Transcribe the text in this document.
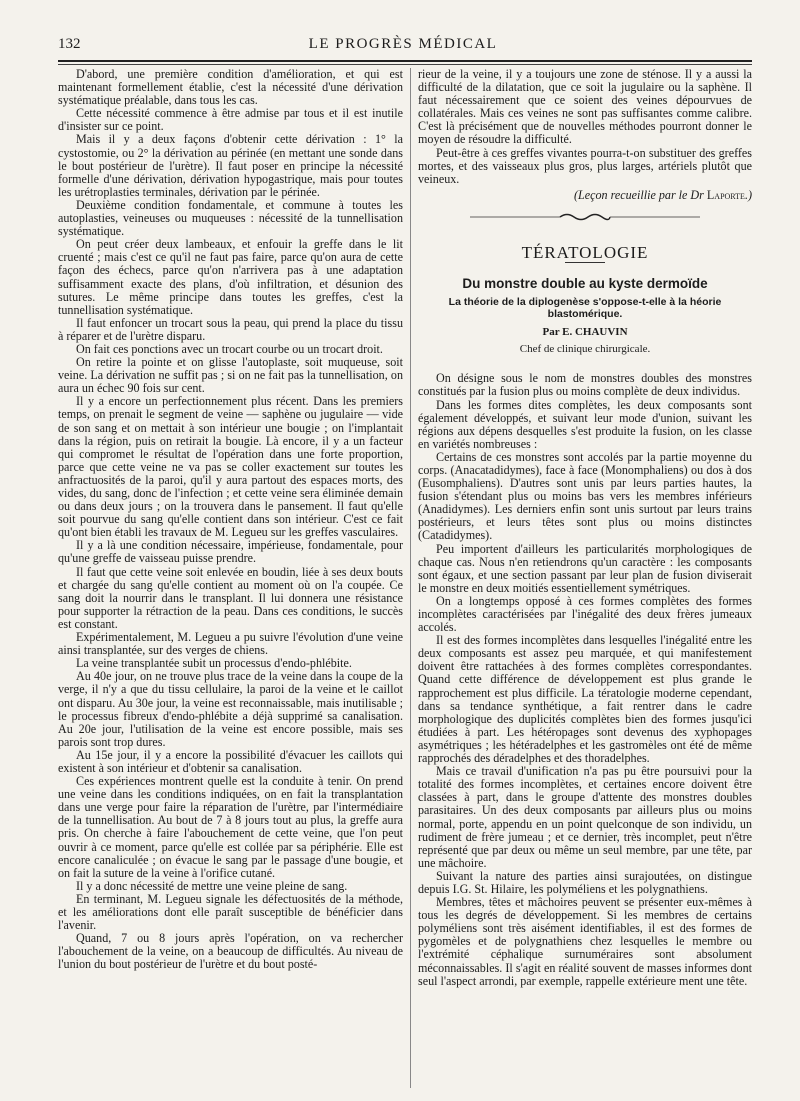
132	LE PROGRÈS MÉDICAL

D'abord, une première condition d'amélioration, et qui est maintenant formellement établie, c'est la nécessité d'une dérivation systématique préalable, dans tous les cas.

Cette nécessité commence à être admise par tous et il est inutile d'insister sur ce point.

Mais il y a deux façons d'obtenir cette dérivation : 1° la cystostomie, ou 2° la dérivation au périnée (en mettant une sonde dans le bout postérieur de l'urètre). Il faut poser en principe la nécessité formelle d'une dérivation, dérivation hypogastrique, mais pour toutes les urétroplasties terminales, dérivation par le périnée.

Deuxième condition fondamentale, et commune à toutes les autoplasties, veineuses ou muqueuses : nécessité de la tunnellisation systématique.

On peut créer deux lambeaux, et enfouir la greffe dans le lit cruenté ; mais c'est ce qu'il ne faut pas faire, parce qu'on aura de cette façon des échecs, parce qu'on n'arrivera pas à une adaptation suffisamment exacte des plans, d'où infiltration, et désunion des sutures. Le même principe dans toutes les greffes, c'est la tunnellisation systématique.

Il faut enfoncer un trocart sous la peau, qui prend la place du tissu à réparer et de l'urètre disparu.

On fait ces ponctions avec un trocart courbe ou un trocart droit.

On retire la pointe et on glisse l'autoplaste, soit muqueuse, soit veine. La dérivation ne suffit pas ; si on ne fait pas la tunnellisation, on aura un échec 90 fois sur cent.

Il y a encore un perfectionnement plus récent. Dans les premiers temps, on prenait le segment de veine — saphène ou jugulaire — vide de son sang et on mettait à son intérieur une bougie ; on l'implantait dans la région, puis on retirait la bougie. Là encore, il y a un facteur qui compromet le résultat de l'opération dans une forte proportion, parce que cette veine ne va pas se coller exactement sur toutes les anfractuosités de la paroi, qu'il y aura partout des espaces morts, des vides, du sang, donc de l'infection ; et cette veine sera éliminée demain ou dans deux jours ; on la trouvera dans le pansement. Il faut qu'elle soit pourvue du sang qu'elle contient dans son intérieur. C'est ce fait qu'ont bien établi les travaux de M. Legueu sur les greffes vasculaires.

Il y a là une condition nécessaire, impérieuse, fondamentale, pour qu'une greffe de vaisseau puisse prendre.

Il faut que cette veine soit enlevée en boudin, liée à ses deux bouts et chargée du sang qu'elle contient au moment où on l'a coupée. Ce sang doit la nourrir dans le transplant. Il lui donnera une résistance pour supporter la rétraction de la peau. Dans ces conditions, le succès est constant.

Expérimentalement, M. Legueu a pu suivre l'évolution d'une veine ainsi transplantée, sur des verges de chiens.

La veine transplantée subit un processus d'endo-phlébite.

Au 40e jour, on ne trouve plus trace de la veine dans la coupe de la verge, il n'y a que du tissu cellulaire, la paroi de la veine et le caillot ont disparu. Au 30e jour, la veine est reconnaissable, mais inutilisable ; le processus fibreux d'endo-phlébite a déjà supprimé sa canalisation. Au 20e jour, l'utilisation de la veine est encore possible, mais ses parois sont trop dures.

Au 15e jour, il y a encore la possibilité d'évacuer les caillots qui existent à son intérieur et d'obtenir sa canalisation.

Ces expériences montrent quelle est la conduite à tenir. On prend une veine dans les conditions indiquées, on en fait la transplantation dans une verge pour faire la réparation de l'urètre, par l'intermédiaire de la tunnellisation. Au bout de 7 à 8 jours tout au plus, la greffe aura pris. On cherche à faire l'abouchement de cette veine, que l'on peut ouvrir à ce moment, parce qu'elle est collée par sa périphérie. Elle est encore canaliculée ; on évacue le sang par le passage d'une bougie, et on fait la suture de la veine à l'orifice cutané.

Il y a donc nécessité de mettre une veine pleine de sang.

En terminant, M. Legueu signale les défectuosités de la méthode, et les améliorations dont elle paraît susceptible de bénéficier dans l'avenir.

Quand, 7 ou 8 jours après l'opération, on va rechercher l'abouchement de la veine, on a beaucoup de difficultés. Au niveau de l'union du bout postérieur de l'urètre et du bout posté-

rieur de la veine, il y a toujours une zone de sténose. Il y a aussi la difficulté de la dilatation, que ce soit la jugulaire ou la saphène. Il faut nécessairement que ce soient des veines dépourvues de collatérales. Mais ces veines ne sont pas suffisantes comme calibre. C'est là précisément que de nouvelles méthodes pourront donner le moyen de résoudre la difficulté.

Peut-être à ces greffes vivantes pourra-t-on substituer des greffes mortes, et des vaisseaux plus gros, plus larges, artériels plutôt que veineux.

(Leçon recueillie par le Dr Laporte.)

TÉRATOLOGIE
Du monstre double au kyste dermoïde
La théorie de la diplogenèse s'oppose-t-elle à la héorie blastomérique.
Par E. CHAUVIN
Chef de clinique chirurgicale.

On désigne sous le nom de monstres doubles des monstres constitués par la fusion plus ou moins complète de deux individus.

Dans les formes dites complètes, les deux composants sont également développés, et suivant leur mode d'union, suivant les régions aux dépens desquelles s'est produite la fusion, on les classe en variétés nombreuses :

Certains de ces monstres sont accolés par la partie moyenne du corps. (Anacatadidymes), face à face (Monomphaliens) ou dos à dos (Eusomphaliens). D'autres sont unis par leurs parties hautes, la fusion s'étendant plus ou moins bas vers les membres inférieurs (Anadidymes). Les derniers enfin sont unis surtout par leurs trains postérieurs, et leurs têtes sont plus ou moins distinctes (Catadidymes).

Peu importent d'ailleurs les particularités morphologiques de chaque cas. Nous n'en retiendrons qu'un caractère : les composants sont égaux, et une section passant par leur plan de fusion diviserait le monstre en deux moitiés essentiellement symétriques.

On a longtemps opposé à ces formes complètes des formes incomplètes caractérisées par l'inégalité des deux frères jumeaux accolés.

Il est des formes incomplètes dans lesquelles l'inégalité entre les deux composants est assez peu marquée, et qui manifestement doivent être rattachées à des formes complètes correspondantes. Quand cette différence de développement est plus grande le rapprochement est plus difficile. La tératologie moderne cependant, dans sa tendance synthétique, a fait rentrer dans le cadre morphologique des duplicités complètes bien des formes jusqu'ici étudiées à part. Les hétéropages sont devenus des xyphopages asymétriques ; les hétéradelphes et les gastromèles ont été de même rapprochés des déradelphes et des thoradelphes.

Mais ce travail d'unification n'a pas pu être poursuivi pour la totalité des formes incomplètes, et certaines encore doivent être classées à part, dans le groupe d'attente des monstres doubles parasitaires. Un des deux composants par ailleurs plus ou moins normal, porte, appendu en un point quelconque de son individu, un rudiment de frère jumeau ; et ce dernier, très incomplet, peut n'être représenté que par deux ou même un seul membre, par une tête, par une mâchoire.

Suivant la nature des parties ainsi surajoutées, on distingue depuis I.G. St. Hilaire, les polyméliens et les polygnathiens.

Membres, têtes et mâchoires peuvent se présenter eux-mêmes à tous les degrés de développement. Si les membres de certains polyméliens sont très aisément identifiables, il est des formes de pygomèles et de polygnathiens chez lesquelles le membre ou l'extrémité céphalique surnuméraires sont absolument méconnaissables. Il s'agit en réalité souvent de masses informes dont seul l'aspect arrondi, par exemple, rappelle extérieure ment une tête.
